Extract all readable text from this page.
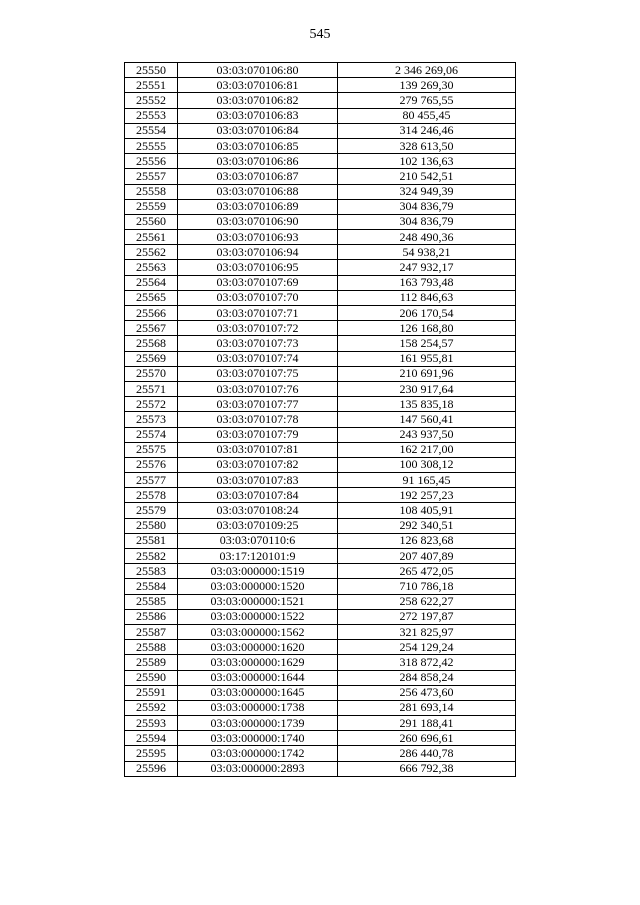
545
25550	03:03:070106:80	2 346 269,06
25551	03:03:070106:81	139 269,30
25552	03:03:070106:82	279 765,55
25553	03:03:070106:83	80 455,45
25554	03:03:070106:84	314 246,46
25555	03:03:070106:85	328 613,50
25556	03:03:070106:86	102 136,63
25557	03:03:070106:87	210 542,51
25558	03:03:070106:88	324 949,39
25559	03:03:070106:89	304 836,79
25560	03:03:070106:90	304 836,79
25561	03:03:070106:93	248 490,36
25562	03:03:070106:94	54 938,21
25563	03:03:070106:95	247 932,17
25564	03:03:070107:69	163 793,48
25565	03:03:070107:70	112 846,63
25566	03:03:070107:71	206 170,54
25567	03:03:070107:72	126 168,80
25568	03:03:070107:73	158 254,57
25569	03:03:070107:74	161 955,81
25570	03:03:070107:75	210 691,96
25571	03:03:070107:76	230 917,64
25572	03:03:070107:77	135 835,18
25573	03:03:070107:78	147 560,41
25574	03:03:070107:79	243 937,50
25575	03:03:070107:81	162 217,00
25576	03:03:070107:82	100 308,12
25577	03:03:070107:83	91 165,45
25578	03:03:070107:84	192 257,23
25579	03:03:070108:24	108 405,91
25580	03:03:070109:25	292 340,51
25581	03:03:070110:6	126 823,68
25582	03:17:120101:9	207 407,89
25583	03:03:000000:1519	265 472,05
25584	03:03:000000:1520	710 786,18
25585	03:03:000000:1521	258 622,27
25586	03:03:000000:1522	272 197,87
25587	03:03:000000:1562	321 825,97
25588	03:03:000000:1620	254 129,24
25589	03:03:000000:1629	318 872,42
25590	03:03:000000:1644	284 858,24
25591	03:03:000000:1645	256 473,60
25592	03:03:000000:1738	281 693,14
25593	03:03:000000:1739	291 188,41
25594	03:03:000000:1740	260 696,61
25595	03:03:000000:1742	286 440,78
25596	03:03:000000:2893	666 792,38
